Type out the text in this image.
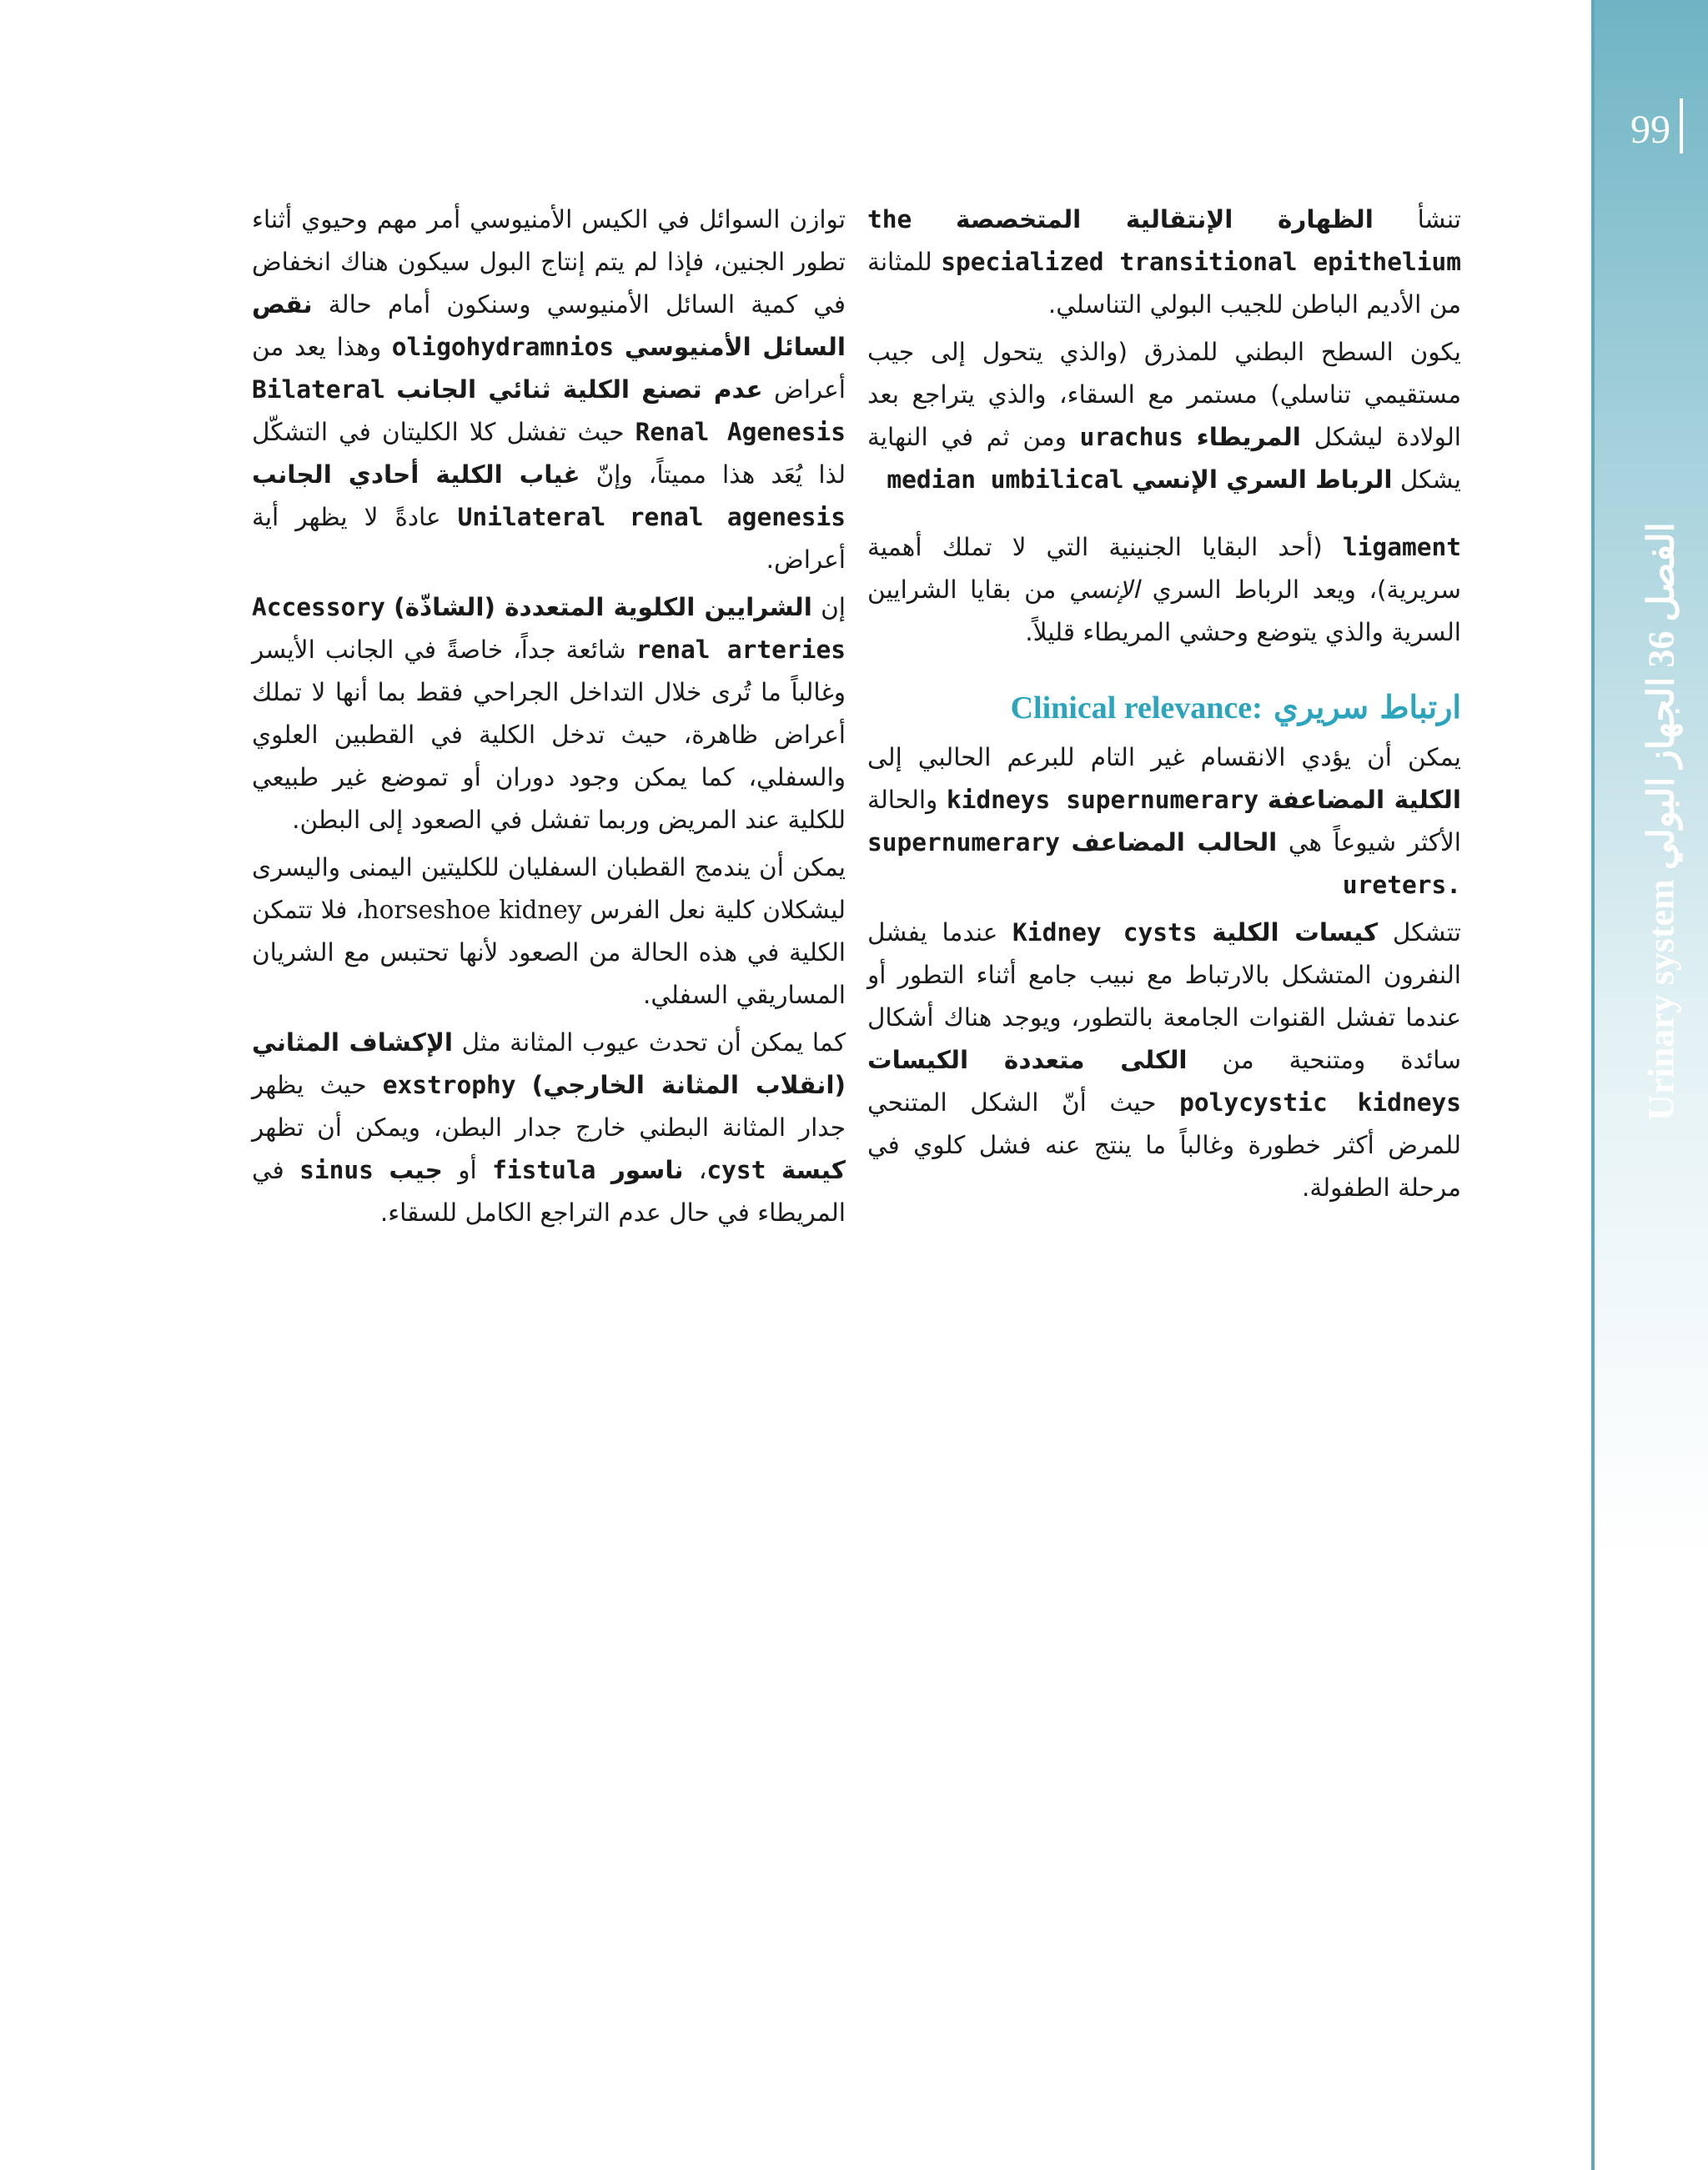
99
Urinary system الفصل 36 الجهاز البولي

تنشأ الظهارة الإنتقالية المتخصصة the specialized transitional epithelium للمثانة من الأديم الباطن للجيب البولي التناسلي.

يكون السطح البطني للمذرق (والذي يتحول إلى جيب مستقيمي تناسلي) مستمر مع السقاء، والذي يتراجع بعد الولادة ليشكل المريطاء urachus ومن ثم في النهاية يشكل الرباط السري الإنسي median umbilical

ligament (أحد البقايا الجنينية التي لا تملك أهمية سريرية)، ويعد الرباط السري الإنسي من بقايا الشرايين السرية والذي يتوضع وحشي المريطاء قليلاً.

ارتباط سريري Clinical relevance:

يمكن أن يؤدي الانقسام غير التام للبرعم الحالبي إلى الكلية المضاعفة kidneys supernumerary والحالة الأكثر شيوعاً هي الحالب المضاعف supernumerary ureters.

تتشكل كيسات الكلية Kidney cysts عندما يفشل النفرون المتشكل بالارتباط مع نبيب جامع أثناء التطور أو عندما تفشل القنوات الجامعة بالتطور، ويوجد هناك أشكال سائدة ومتنحية من الكلى متعددة الكيسات polycystic kidneys حيث أنّ الشكل المتنحي للمرض أكثر خطورة وغالباً ما ينتج عنه فشل كلوي في مرحلة الطفولة.

توازن السوائل في الكيس الأمنيوسي أمر مهم وحيوي أثناء تطور الجنين، فإذا لم يتم إنتاج البول سيكون هناك انخفاض في كمية السائل الأمنيوسي وسنكون أمام حالة نقص السائل الأمنيوسي oligohydramnios وهذا يعد من أعراض عدم تصنع الكلية ثنائي الجانب Bilateral Renal Agenesis حيث تفشل كلا الكليتان في التشكّل لذا يُعَد هذا مميتاً، وإنّ غياب الكلية أحادي الجانب Unilateral renal agenesis عادةً لا يظهر أية أعراض.

إن الشرايين الكلوية المتعددة (الشاذّة) Accessory renal arteries شائعة جداً، خاصةً في الجانب الأيسر وغالباً ما تُرى خلال التداخل الجراحي فقط بما أنها لا تملك أعراض ظاهرة، حيث تدخل الكلية في القطبين العلوي والسفلي، كما يمكن وجود دوران أو تموضع غير طبيعي للكلية عند المريض وربما تفشل في الصعود إلى البطن.

يمكن أن يندمج القطبان السفليان للكليتين اليمنى واليسرى ليشكلان كلية نعل الفرس horseshoe kidney، فلا تتمكن الكلية في هذه الحالة من الصعود لأنها تحتبس مع الشريان المساريقي السفلي.

كما يمكن أن تحدث عيوب المثانة مثل الإكشاف المثاني (انقلاب المثانة الخارجي) exstrophy حيث يظهر جدار المثانة البطني خارج جدار البطن، ويمكن أن تظهر كيسة cyst، ناسور fistula أو جيب sinus في المريطاء في حال عدم التراجع الكامل للسقاء.
